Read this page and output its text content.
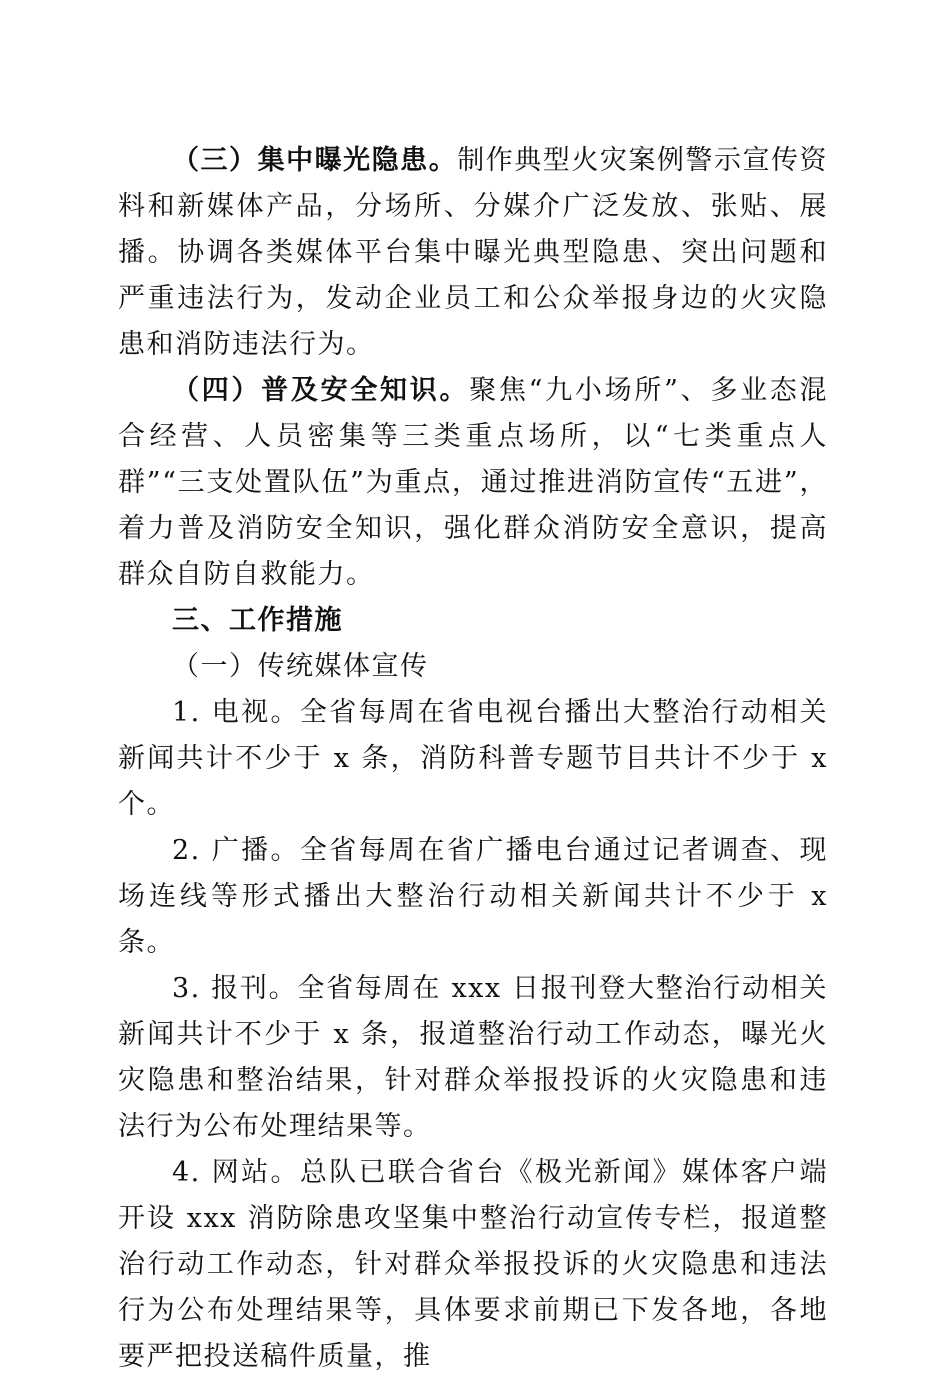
（三）集中曝光隐患。制作典型火灾案例警示宣传资料和新媒体产品，分场所、分媒介广泛发放、张贴、展播。协调各类媒体平台集中曝光典型隐患、突出问题和严重违法行为，发动企业员工和公众举报身边的火灾隐患和消防违法行为。

（四）普及安全知识。聚焦“九小场所”、多业态混合经营、人员密集等三类重点场所，以“七类重点人群”“三支处置队伍”为重点，通过推进消防宣传“五进”，着力普及消防安全知识，强化群众消防安全意识，提高群众自防自救能力。

三、工作措施

（一）传统媒体宣传

1. 电视。全省每周在省电视台播出大整治行动相关新闻共计不少于 x 条，消防科普专题节目共计不少于 x 个。

2. 广播。全省每周在省广播电台通过记者调查、现场连线等形式播出大整治行动相关新闻共计不少于 x 条。

3. 报刊。全省每周在 xxx 日报刊登大整治行动相关新闻共计不少于 x 条，报道整治行动工作动态，曝光火灾隐患和整治结果，针对群众举报投诉的火灾隐患和违法行为公布处理结果等。

4. 网站。总队已联合省台《极光新闻》媒体客户端开设 xxx 消防除患攻坚集中整治行动宣传专栏，报道整治行动工作动态，针对群众举报投诉的火灾隐患和违法行为公布处理结果等，具体要求前期已下发各地，各地要严把投送稿件质量，推
